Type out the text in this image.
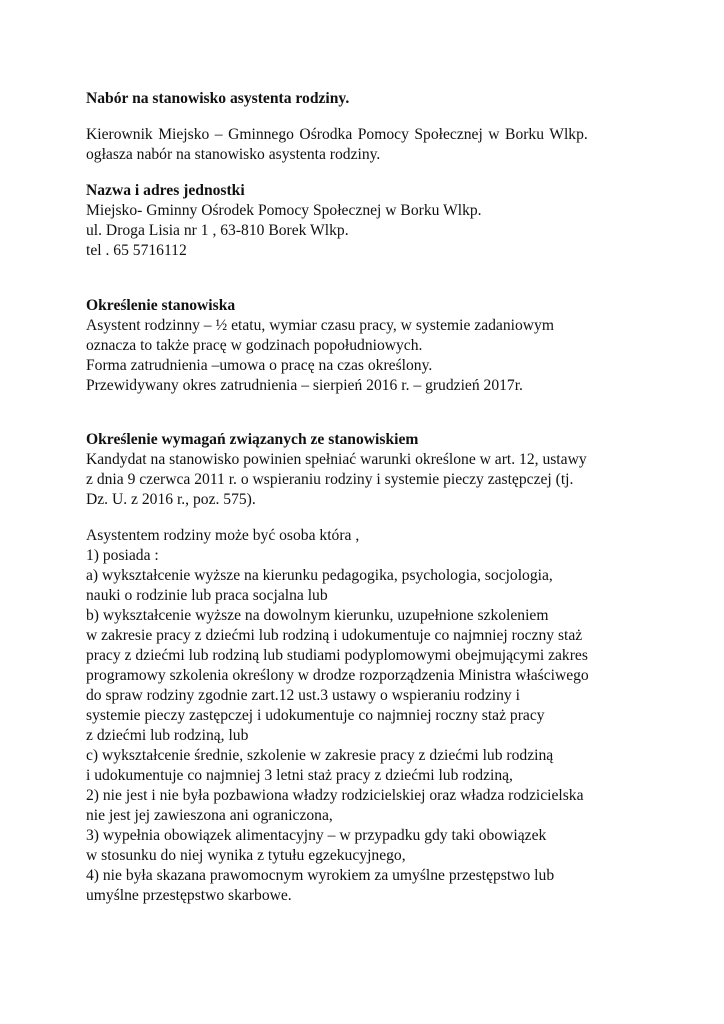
Nabór na stanowisko asystenta rodziny.
Kierownik Miejsko – Gminnego Ośrodka Pomocy Społecznej w Borku Wlkp.
ogłasza nabór na stanowisko asystenta rodziny.
Nazwa i adres jednostki
Miejsko- Gminny Ośrodek Pomocy Społecznej w Borku Wlkp.
ul. Droga Lisia nr 1 , 63-810 Borek Wlkp.
tel . 65 5716112
Określenie stanowiska
Asystent rodzinny – ½ etatu, wymiar czasu pracy, w systemie zadaniowym
oznacza to także pracę w godzinach popołudniowych.
Forma zatrudnienia –umowa o pracę na czas określony.
Przewidywany okres zatrudnienia – sierpień 2016 r. – grudzień 2017r.
Określenie wymagań związanych ze stanowiskiem
Kandydat na stanowisko powinien spełniać warunki określone w art. 12, ustawy
z dnia 9 czerwca 2011 r. o wspieraniu rodziny i systemie pieczy zastępczej (tj.
Dz. U. z 2016 r., poz. 575).
Asystentem rodziny może być osoba która ,
1) posiada :
a) wykształcenie wyższe na kierunku pedagogika, psychologia, socjologia,
nauki o rodzinie lub praca socjalna lub
b) wykształcenie wyższe na dowolnym kierunku, uzupełnione szkoleniem
w zakresie pracy z dziećmi lub rodziną i udokumentuje co najmniej roczny staż
pracy z dziećmi lub rodziną lub studiami podyplomowymi obejmującymi zakres
programowy szkolenia określony w drodze rozporządzenia Ministra właściwego
do spraw rodziny zgodnie zart.12 ust.3 ustawy o wspieraniu rodziny i
systemie pieczy zastępczej i udokumentuje co najmniej roczny staż pracy
z dziećmi lub rodziną, lub
c) wykształcenie średnie, szkolenie w zakresie pracy z dziećmi lub rodziną
i udokumentuje co najmniej 3 letni staż pracy z dziećmi lub rodziną,
2) nie jest i nie była pozbawiona władzy rodzicielskiej oraz władza rodzicielska
nie jest jej zawieszona ani ograniczona,
3) wypełnia obowiązek alimentacyjny – w przypadku gdy taki obowiązek
w stosunku do niej wynika z tytułu egzekucyjnego,
4) nie była skazana prawomocnym wyrokiem za umyślne przestępstwo lub
umyślne przestępstwo skarbowe.
